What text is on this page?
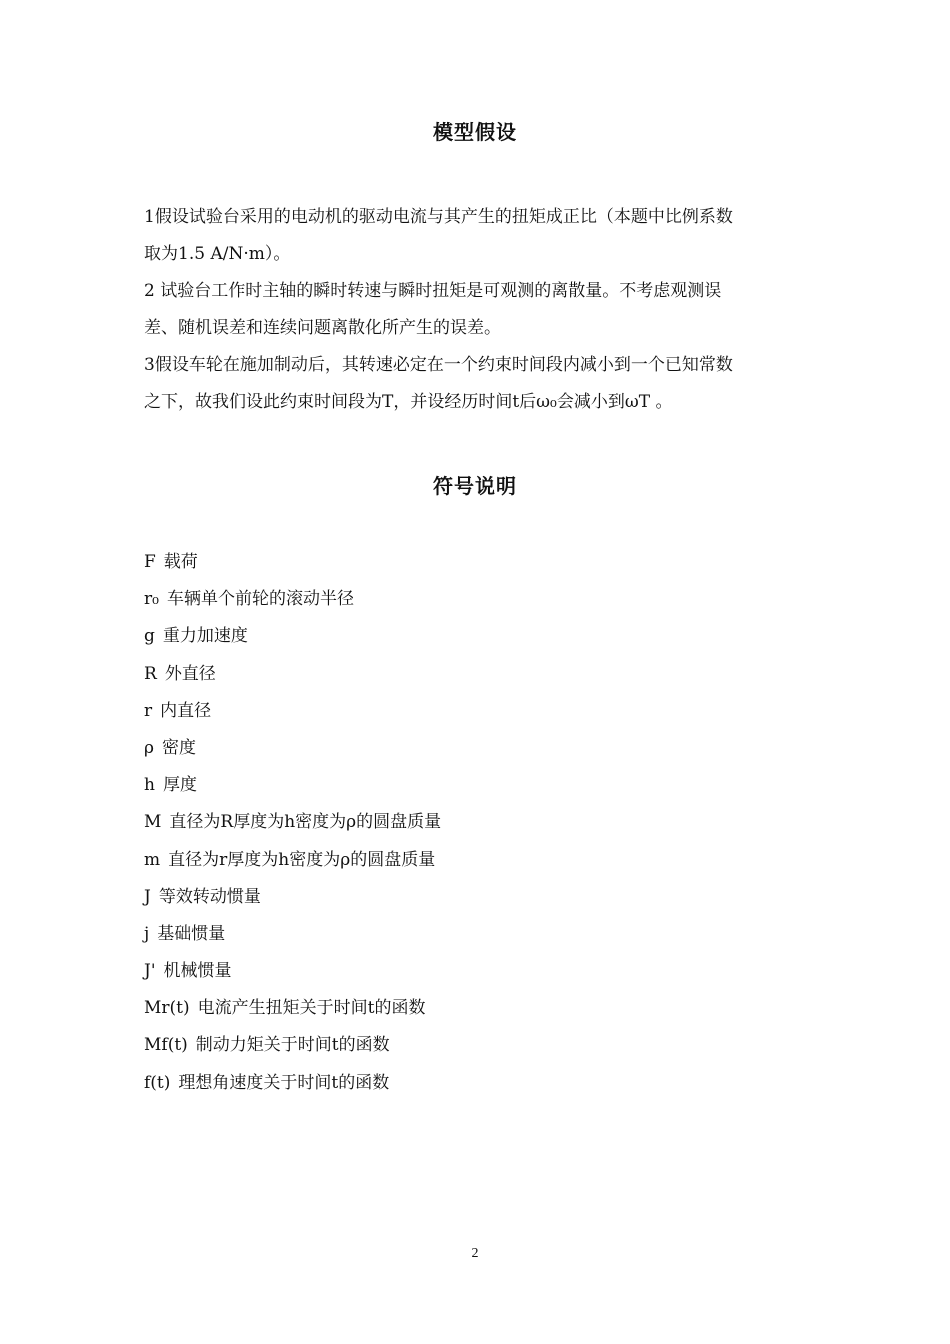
模型假设
1假设试验台采用的电动机的驱动电流与其产生的扭矩成正比（本题中比例系数
取为1.5 A/N·m）。
2 试验台工作时主轴的瞬时转速与瞬时扭矩是可观测的离散量。不考虑观测误
差、随机误差和连续问题离散化所产生的误差。
3假设车轮在施加制动后，其转速必定在一个约束时间段内减小到一个已知常数
之下，故我们设此约束时间段为T，并设经历时间t后ω₀会减小到ωT 。
符号说明
F 载荷
r₀ 车辆单个前轮的滚动半径
g 重力加速度
R 外直径
r 内直径
ρ 密度
h 厚度
M 直径为R厚度为h密度为ρ的圆盘质量
m 直径为r厚度为h密度为ρ的圆盘质量
J 等效转动惯量
j 基础惯量
J' 机械惯量
Mr(t) 电流产生扭矩关于时间t的函数
Mf(t) 制动力矩关于时间t的函数
f(t) 理想角速度关于时间t的函数
2
